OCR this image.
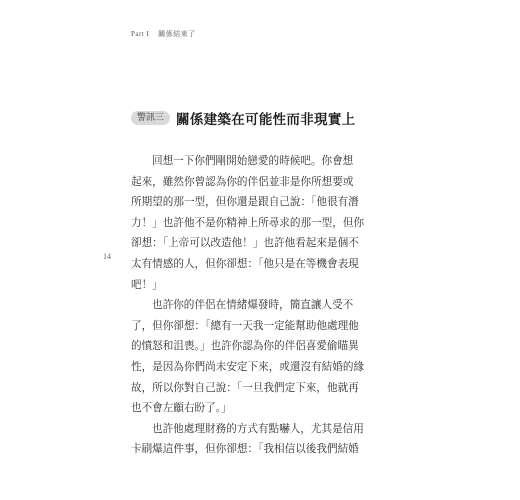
Part I 關係結束了
警訊三 關係建築在可能性而非現實上
14
回想一下你們剛開始戀愛的時候吧。你會想
起來，雖然你曾認為你的伴侶並非是你所想要或
所期望的那一型，但你還是跟自己說：「他很有潛
力！」也許他不是你精神上所尋求的那一型，但你
卻想：「上帝可以改造他！」也許他看起來是個不
太有情感的人，但你卻想：「他只是在等機會表現
吧！」
也許你的伴侶在情緒爆發時，簡直讓人受不
了，但你卻想：「總有一天我一定能幫助他處理他
的憤怒和沮喪。」也許你認為你的伴侶喜愛偷瞄異
性，是因為你們尚未安定下來，或還沒有結婚的緣
故，所以你對自己說：「一旦我們定下來，他就再
也不會左顧右盼了。」
也許他處理財務的方式有點嚇人，尤其是信用
卡刷爆這件事，但你卻想：「我相信以後我們結婚
